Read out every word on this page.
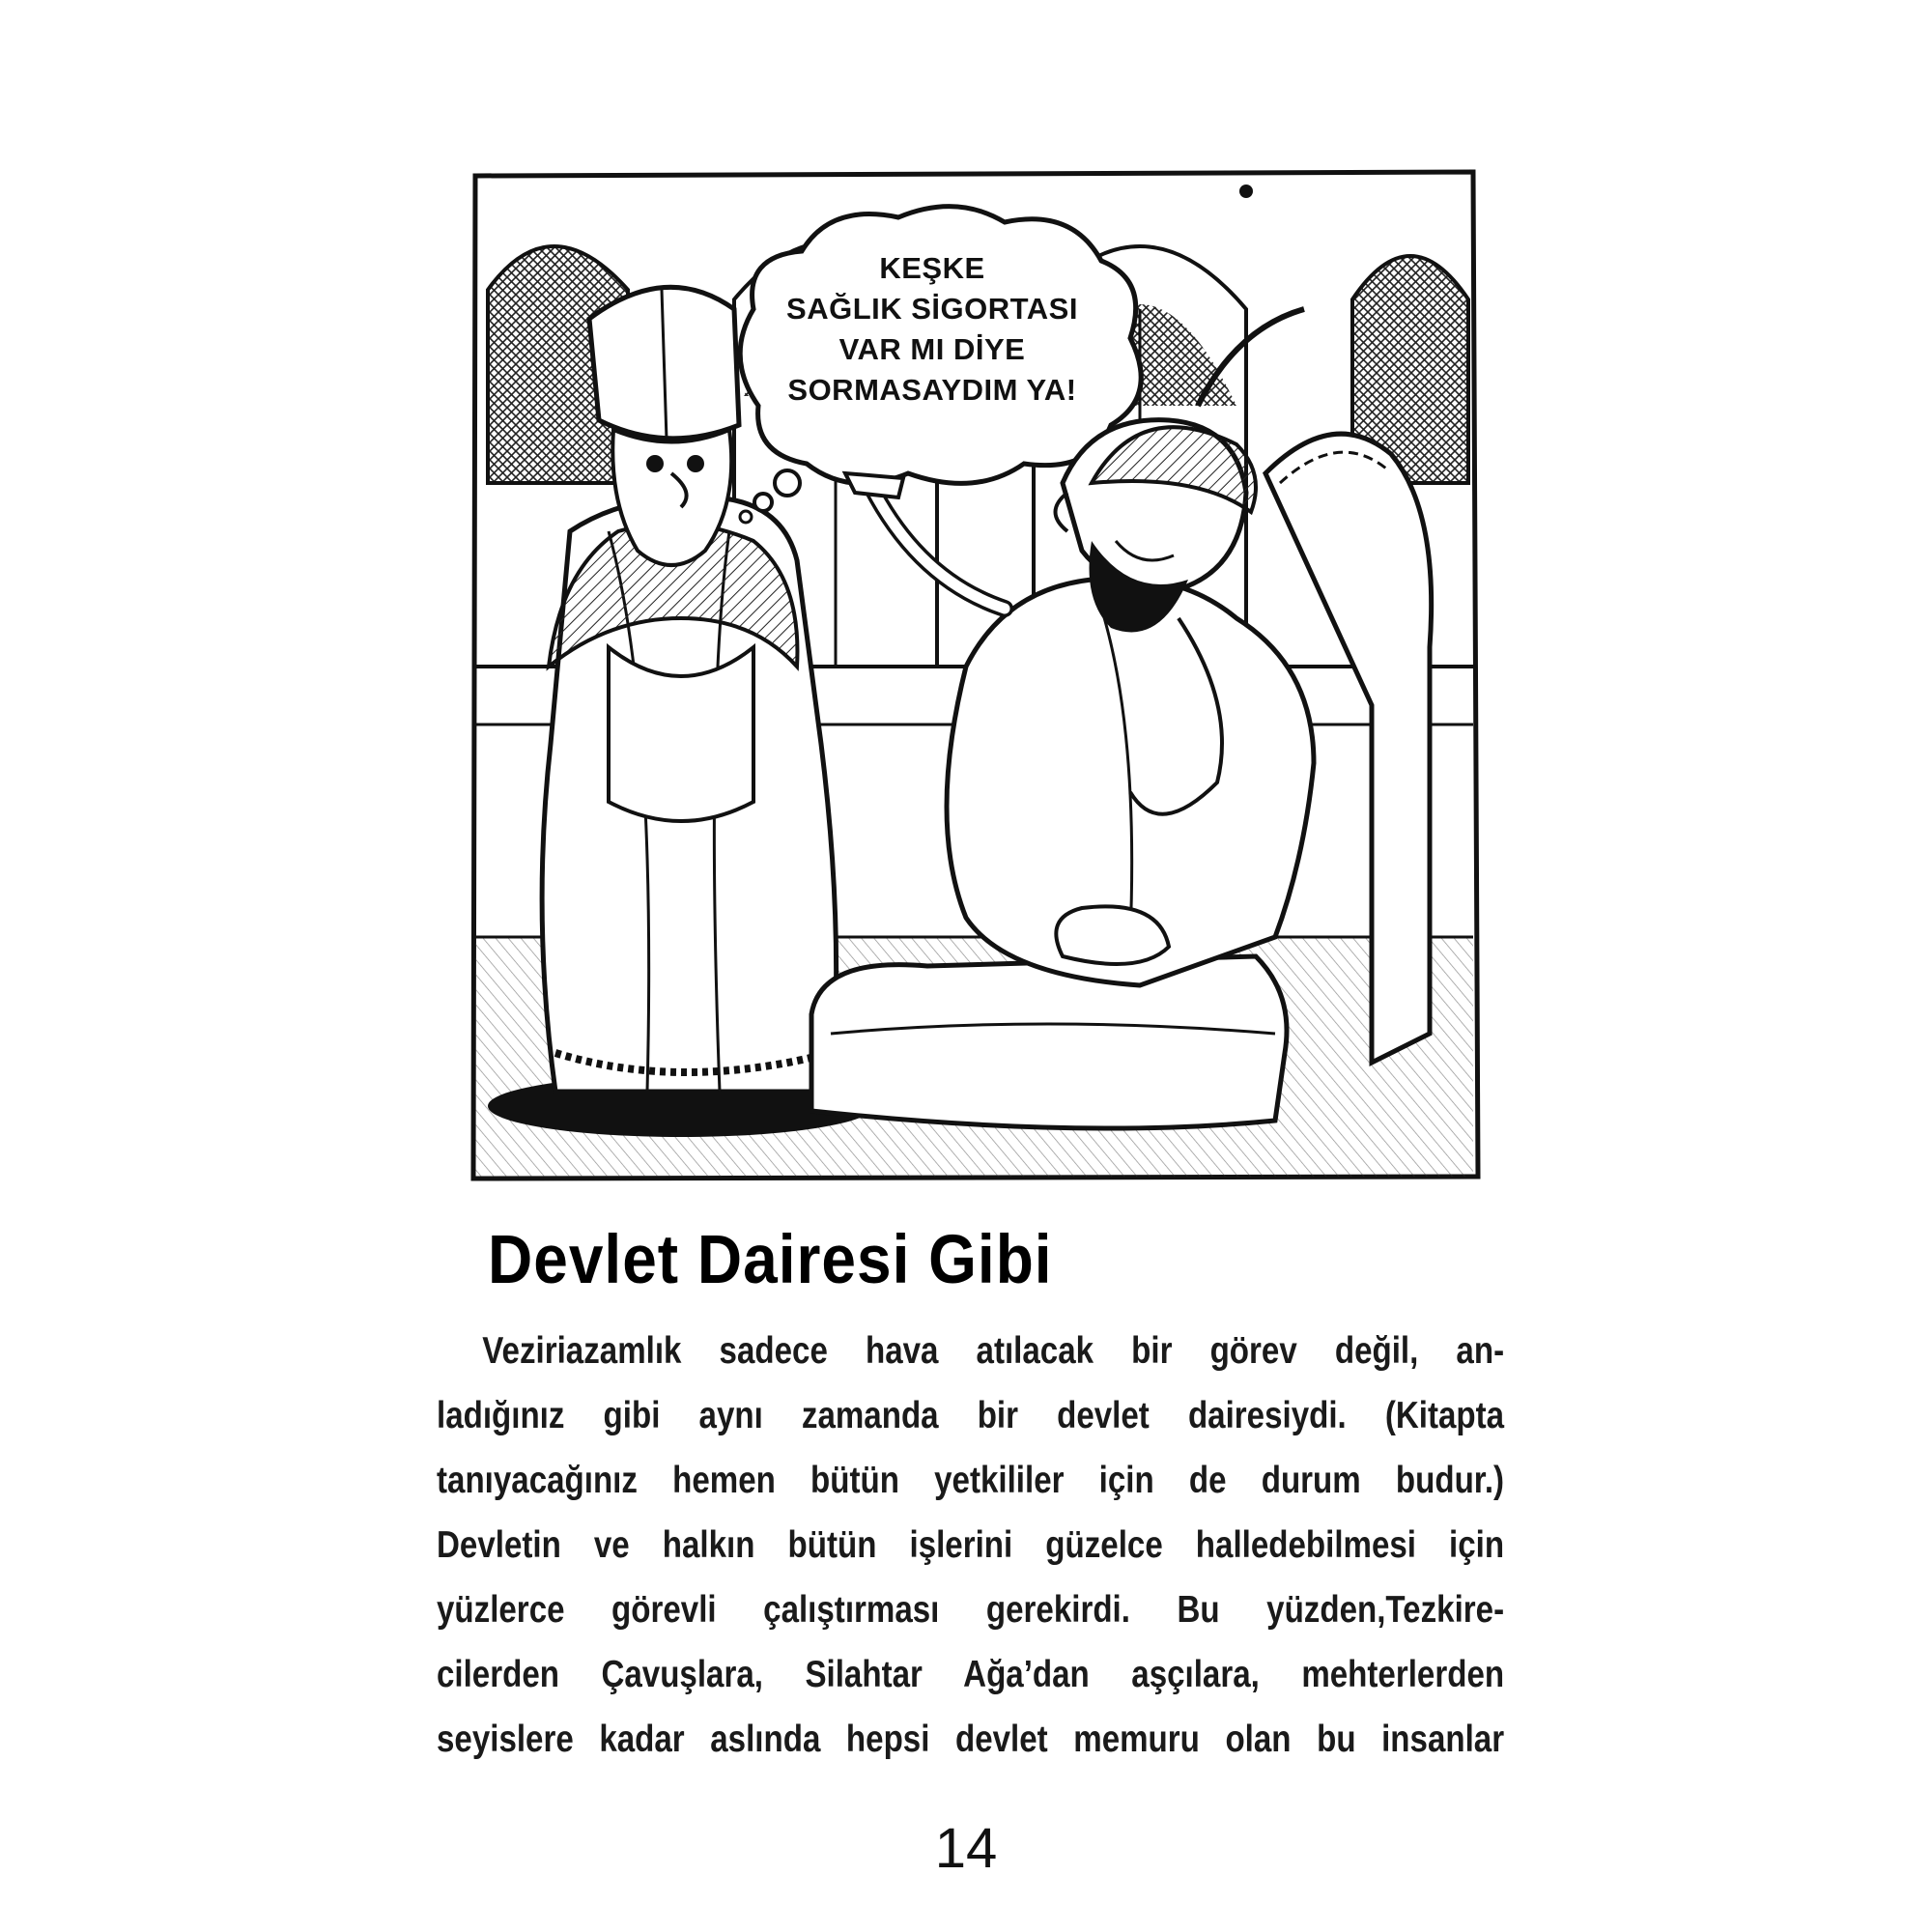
KEŞKE
SAĞLIK SİGORTASI
VAR MI DİYE
SORMASAYDIM YA!
Devlet Dairesi Gibi
Veziriazamlık sadece hava atılacak bir görev değil, an-
ladığınız gibi aynı zamanda bir devlet dairesiydi. (Kitapta
tanıyacağınız hemen bütün yetkililer için de durum budur.)
Devletin ve halkın bütün işlerini güzelce halledebilmesi için
yüzlerce görevli çalıştırması gerekirdi. Bu yüzden,Tezkire-
cilerden Çavuşlara, Silahtar Ağa’dan aşçılara, mehterlerden
seyislere kadar aslında hepsi devlet memuru olan bu insanlar
14
